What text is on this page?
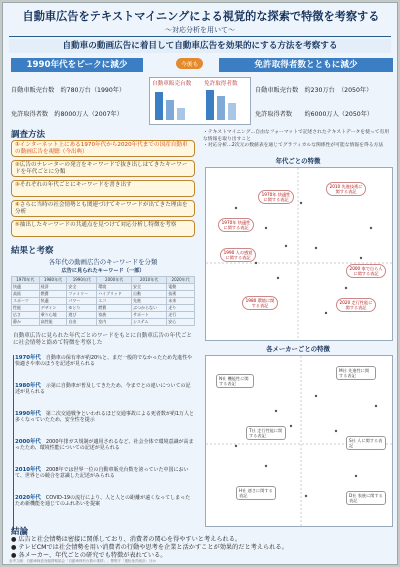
自動車広告をテキストマイニングによる視覚的な探索で特徴を考察する
〜対応分析を用いて〜
自動車の動画広告に着目して自動車広告を効果的にする方法を考察する
1990年代をピークに減少	免許取得者数とともに減少
今後も
自動車販売台数　約780万台（1990年）
免許取得者数　約8000万人（2007年）
自動車販売台数　約230万台　（2050年）
免許取得者数　　約6000万人（2050年）
自動車販売台数 免許取得者数
調査方法
①インターネット上にある1970年代から2020年代までの国産自動車の動画広告を視聴（今出典）
②広告のナレーターの発言をキーワードで抜き出しはてきたキーワードを年代ごとに分類
③それぞれの年代ごとにキーワードを書き出す
④さらに当時の社会情勢とも関連づけてキーワードが出てきた理由を分析
⑤抽出したキーワードの共通点を見つけて対応分析し特徴を考察
・テキストマイニング…自由なフォーマットで記述されたテキストデータを使って有用な情報を取り出すこと
・対応分析…2次元の数値表を通じてグラフィカルな関係性が可能な情報を得る方法
年代ごとの特徴
1970年 快適性に関する表記
2010 先進技術に関する表記
1970年 快適性に関する表記
1990 人の感覚に関する表記
1980 環境に関する表記
2000 家で自ら人に関する表記
2020 走行性能に関する表記
結果と考察
各年代の動画広告のキーワードを分類
広告に見られたキーワード（一部）
1970年代	1980年代	1990年代	2000年代	2010年代	2020年代
快適	経済	安全	環境	安全	電動
高級	燃費	ファミリー	ハイブリッド	自動	技術
スポーツ	快適	パワー	エコ	先進	未来
性能	デザイン	ゆとり	燃費	ぶつからない	走り
広さ	乗り心地	遊び	家族	サポート	走行
静か	高性能	自由	室内	システム	安心
自動車広告に見られた年代ごとのワードをもとに自動車広告の年代ごとに社会情勢と絡めて特徴を考察した
1970年代　 自動車の保有率が約20％と、まだ一般的でなかったため先進性や快適さや車のほうを記述が見られる
1980年代　 示第に自動車が普及してきたため、今までとの違いについての記述が見られる
1990年代　 第二次交通戦争といわれるほど交通事故による死者数が約1万人と多くなっていたため、安全性を提示
2000年代　 2000年排ガス規制が適用されるなど、社会全体で環境意識が高まったため、環境性能についての記述が見られる
2010年代　 2008年では世界一位の自動車販売台数を誇っていた中国において、世界との競合を意識した記述がみられる
2020年代　 COVID-19の流行により、人と人との距離が遠くなってしまったため新機能を通じてのふれあいを提案
各メーカーごとの特徴
N社 機能性に関する表記
M社 先進性に関する表記
T社 走行性能に関する表記
S社 人に関する表記
H社 速さに関する表記	D社 家族に関する表記
結論
● 広告と社会情勢は密接に関係しており、消費者の関心を得やすいと考えられる。
● テレビCMでは社会情勢を用い消費者の行動や思考を企業と活かすことが効果的だと考えられる。
● 各メーカー、年代ごとの研究でも特徴が表れている。
参考文献：自動車検査登録情報協会「自動車保有台数の推移」、警察庁「運転免許統計」ほか
